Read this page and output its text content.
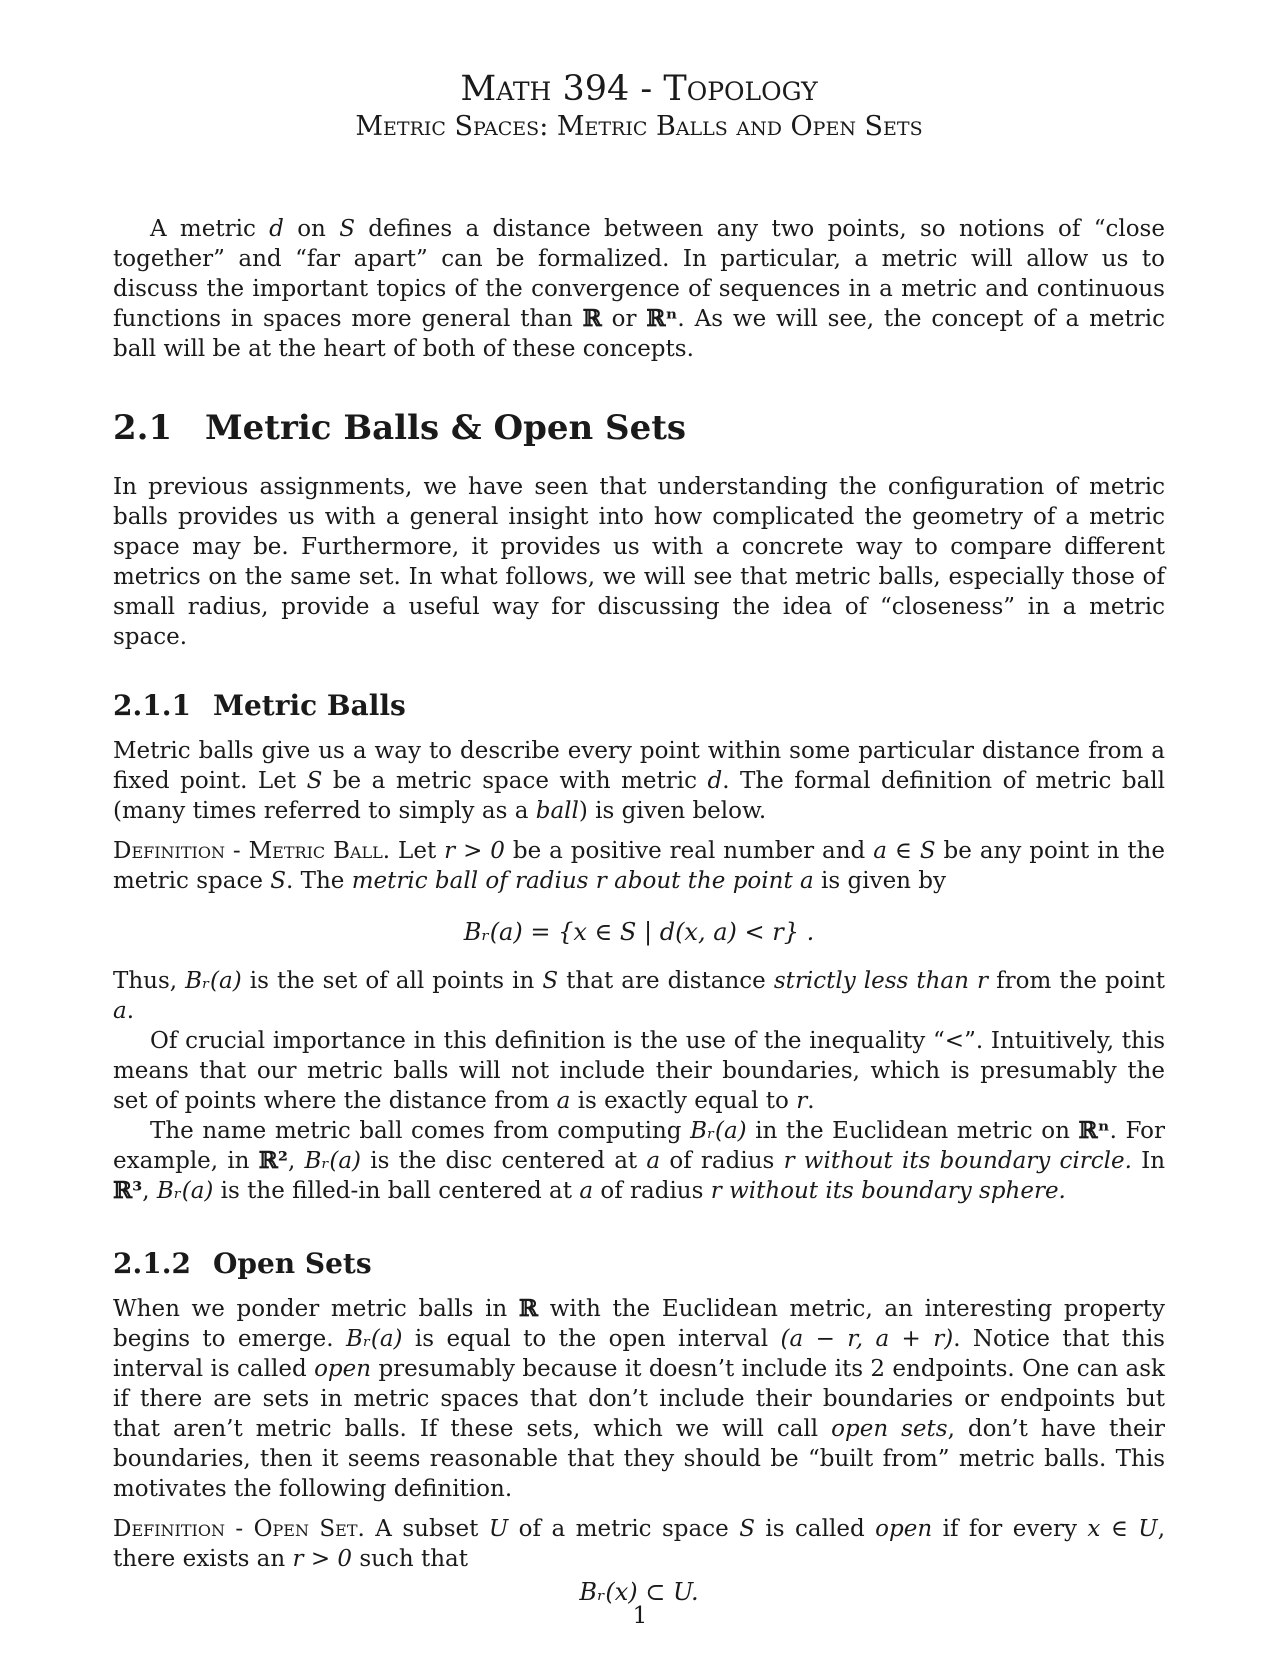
Math 394 - Topology
Metric Spaces: Metric Balls and Open Sets

A metric d on S defines a distance between any two points, so notions of “close together” and “far apart” can be formalized. In particular, a metric will allow us to discuss the important topics of the convergence of sequences in a metric and continuous functions in spaces more general than ℝ or ℝⁿ. As we will see, the concept of a metric ball will be at the heart of both of these concepts.

2.1 Metric Balls & Open Sets

In previous assignments, we have seen that understanding the configuration of metric balls provides us with a general insight into how complicated the geometry of a metric space may be. Furthermore, it provides us with a concrete way to compare different metrics on the same set. In what follows, we will see that metric balls, especially those of small radius, provide a useful way for discussing the idea of “closeness” in a metric space.

2.1.1 Metric Balls

Metric balls give us a way to describe every point within some particular distance from a fixed point. Let S be a metric space with metric d. The formal definition of metric ball (many times referred to simply as a ball) is given below.

Definition - Metric Ball. Let r > 0 be a positive real number and a ∈ S be any point in the metric space S. The metric ball of radius r about the point a is given by

Bᵣ(a) = {x ∈ S | d(x, a) < r} .

Thus, Bᵣ(a) is the set of all points in S that are distance strictly less than r from the point a.

Of crucial importance in this definition is the use of the inequality “<”. Intuitively, this means that our metric balls will not include their boundaries, which is presumably the set of points where the distance from a is exactly equal to r.

The name metric ball comes from computing Bᵣ(a) in the Euclidean metric on ℝⁿ. For example, in ℝ², Bᵣ(a) is the disc centered at a of radius r without its boundary circle. In ℝ³, Bᵣ(a) is the filled-in ball centered at a of radius r without its boundary sphere.

2.1.2 Open Sets

When we ponder metric balls in ℝ with the Euclidean metric, an interesting property begins to emerge. Bᵣ(a) is equal to the open interval (a − r, a + r). Notice that this interval is called open presumably because it doesn’t include its 2 endpoints. One can ask if there are sets in metric spaces that don’t include their boundaries or endpoints but that aren’t metric balls. If these sets, which we will call open sets, don’t have their boundaries, then it seems reasonable that they should be “built from” metric balls. This motivates the following definition.

Definition - Open Set. A subset U of a metric space S is called open if for every x ∈ U, there exists an r > 0 such that

Bᵣ(x) ⊂ U.
1
